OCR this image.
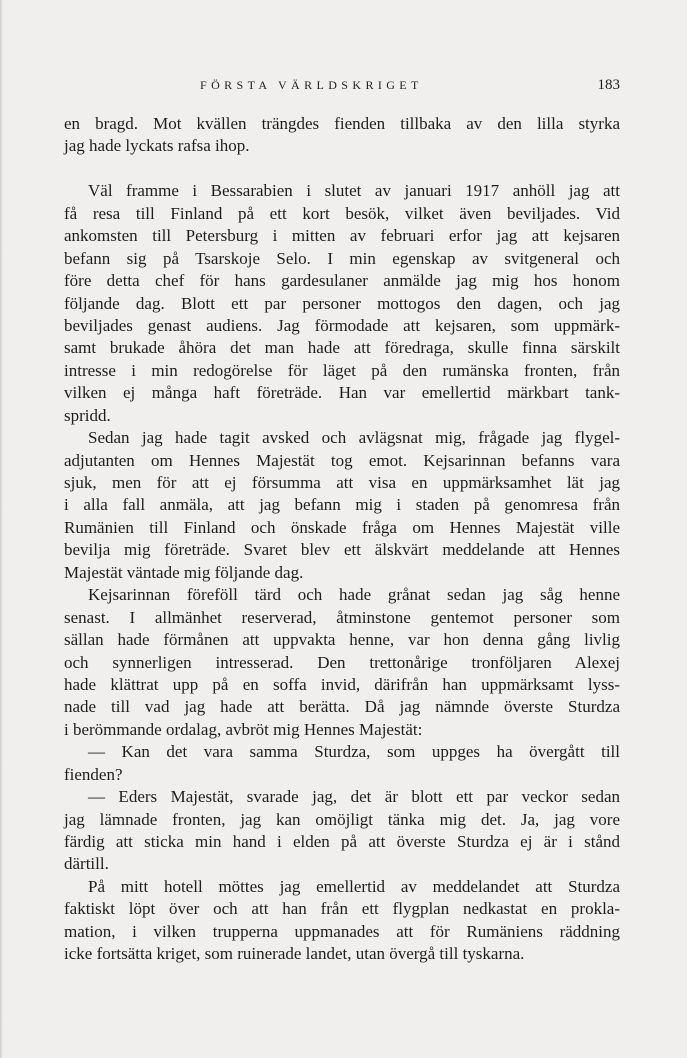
FÖRSTA VÄRLDSKRIGET	183
en bragd. Mot kvällen trängdes fienden tillbaka av den lilla styrka
jag hade lyckats rafsa ihop.
Väl framme i Bessarabien i slutet av januari 1917 anhöll jag att
få resa till Finland på ett kort besök, vilket även beviljades. Vid
ankomsten till Petersburg i mitten av februari erfor jag att kejsaren
befann sig på Tsarskoje Selo. I min egenskap av svitgeneral och
före detta chef för hans gardesulaner anmälde jag mig hos honom
följande dag. Blott ett par personer mottogos den dagen, och jag
beviljades genast audiens. Jag förmodade att kejsaren, som uppmärk-
samt brukade åhöra det man hade att föredraga, skulle finna särskilt
intresse i min redogörelse för läget på den rumänska fronten, från
vilken ej många haft företräde. Han var emellertid märkbart tank-
spridd.
Sedan jag hade tagit avsked och avlägsnat mig, frågade jag flygel-
adjutanten om Hennes Majestät tog emot. Kejsarinnan befanns vara
sjuk, men för att ej försumma att visa en uppmärksamhet lät jag
i alla fall anmäla, att jag befann mig i staden på genomresa från
Rumänien till Finland och önskade fråga om Hennes Majestät ville
bevilja mig företräde. Svaret blev ett älskvärt meddelande att Hennes
Majestät väntade mig följande dag.
Kejsarinnan föreföll tärd och hade grånat sedan jag såg henne
senast. I allmänhet reserverad, åtminstone gentemot personer som
sällan hade förmånen att uppvakta henne, var hon denna gång livlig
och synnerligen intresserad. Den trettonårige tronföljaren Alexej
hade klättrat upp på en soffa invid, därifrån han uppmärksamt lyss-
nade till vad jag hade att berätta. Då jag nämnde överste Sturdza
i berömmande ordalag, avbröt mig Hennes Majestät:
— Kan det vara samma Sturdza, som uppges ha övergått till
fienden?
— Eders Majestät, svarade jag, det är blott ett par veckor sedan
jag lämnade fronten, jag kan omöjligt tänka mig det. Ja, jag vore
färdig att sticka min hand i elden på att överste Sturdza ej är i stånd
därtill.
På mitt hotell möttes jag emellertid av meddelandet att Sturdza
faktiskt löpt över och att han från ett flygplan nedkastat en prokla-
mation, i vilken trupperna uppmanades att för Rumäniens räddning
icke fortsätta kriget, som ruinerade landet, utan övergå till tyskarna.
